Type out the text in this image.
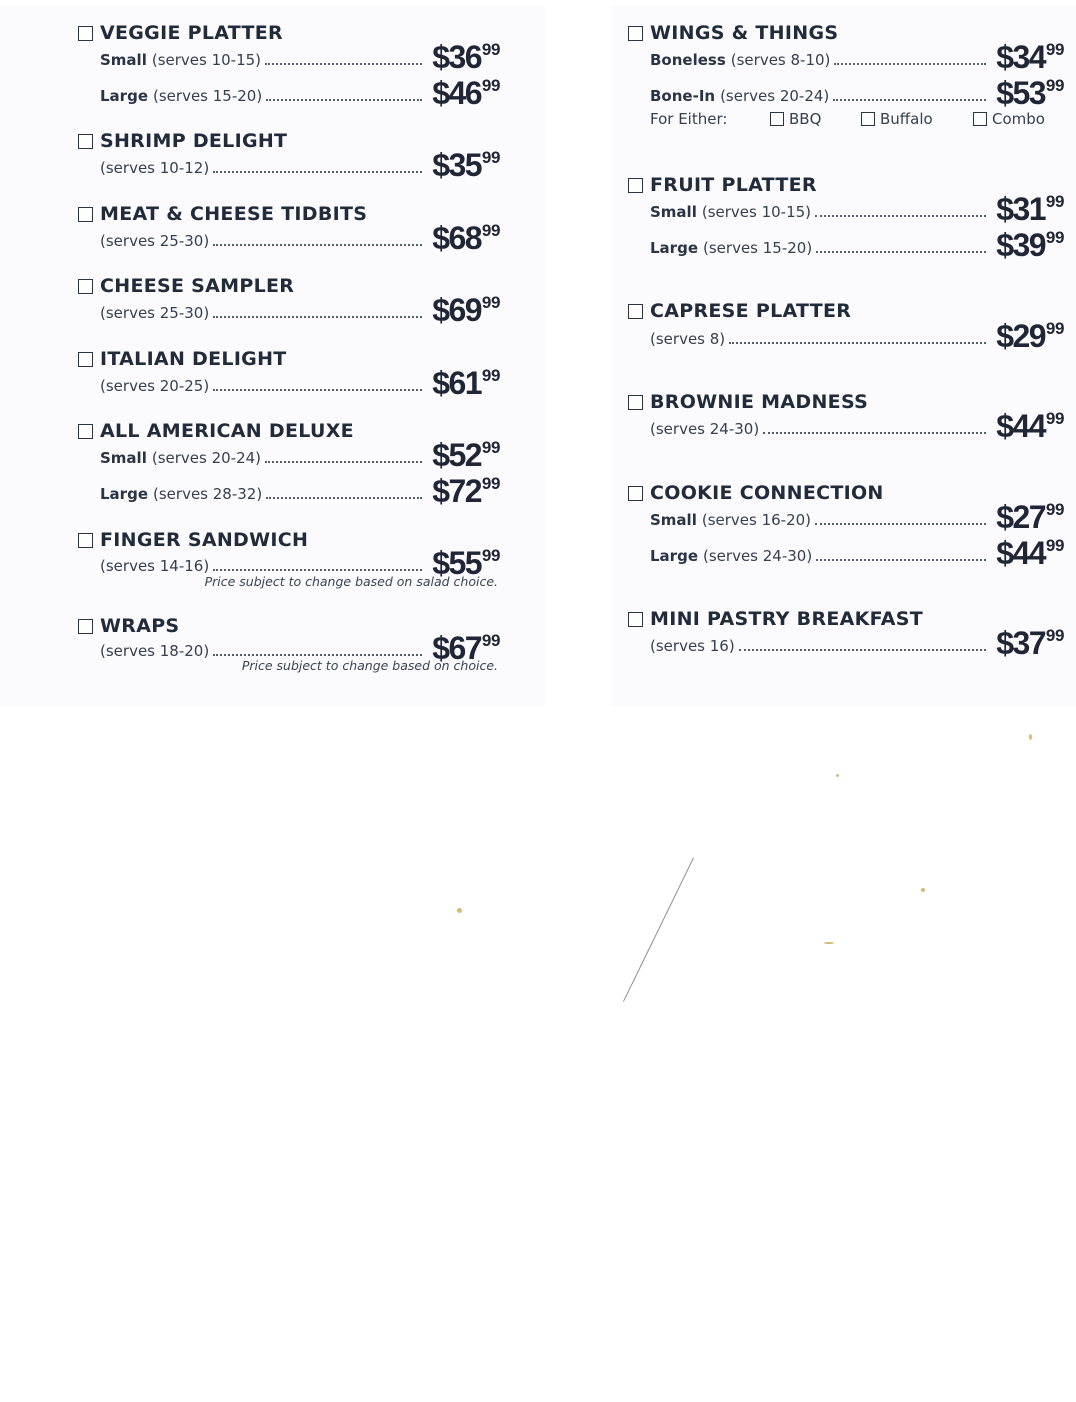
VEGGIE PLATTER
Small (serves 10-15)	$3699
Large (serves 15-20)	$4699
SHRIMP DELIGHT
(serves 10-12)	$3599
MEAT & CHEESE TIDBITS
(serves 25-30)	$6899
CHEESE SAMPLER
(serves 25-30)	$6999
ITALIAN DELIGHT
(serves 20-25)	$6199
ALL AMERICAN DELUXE
Small (serves 20-24)	$5299
Large (serves 28-32)	$7299
FINGER SANDWICH
(serves 14-16)	$5599
Price subject to change based on salad choice.
WRAPS
(serves 18-20)	$6799
Price subject to change based on choice.
WINGS & THINGS
Boneless (serves 8-10)	$3499
Bone-In (serves 20-24)	$5399
For Either:	BBQ	Buffalo	Combo
FRUIT PLATTER
Small (serves 10-15)	$3199
Large (serves 15-20)	$3999
CAPRESE PLATTER
(serves 8)	$2999
BROWNIE MADNESS
(serves 24-30)	$4499
COOKIE CONNECTION
Small (serves 16-20)	$2799
Large (serves 24-30)	$4499
MINI PASTRY BREAKFAST
(serves 16)	$3799
